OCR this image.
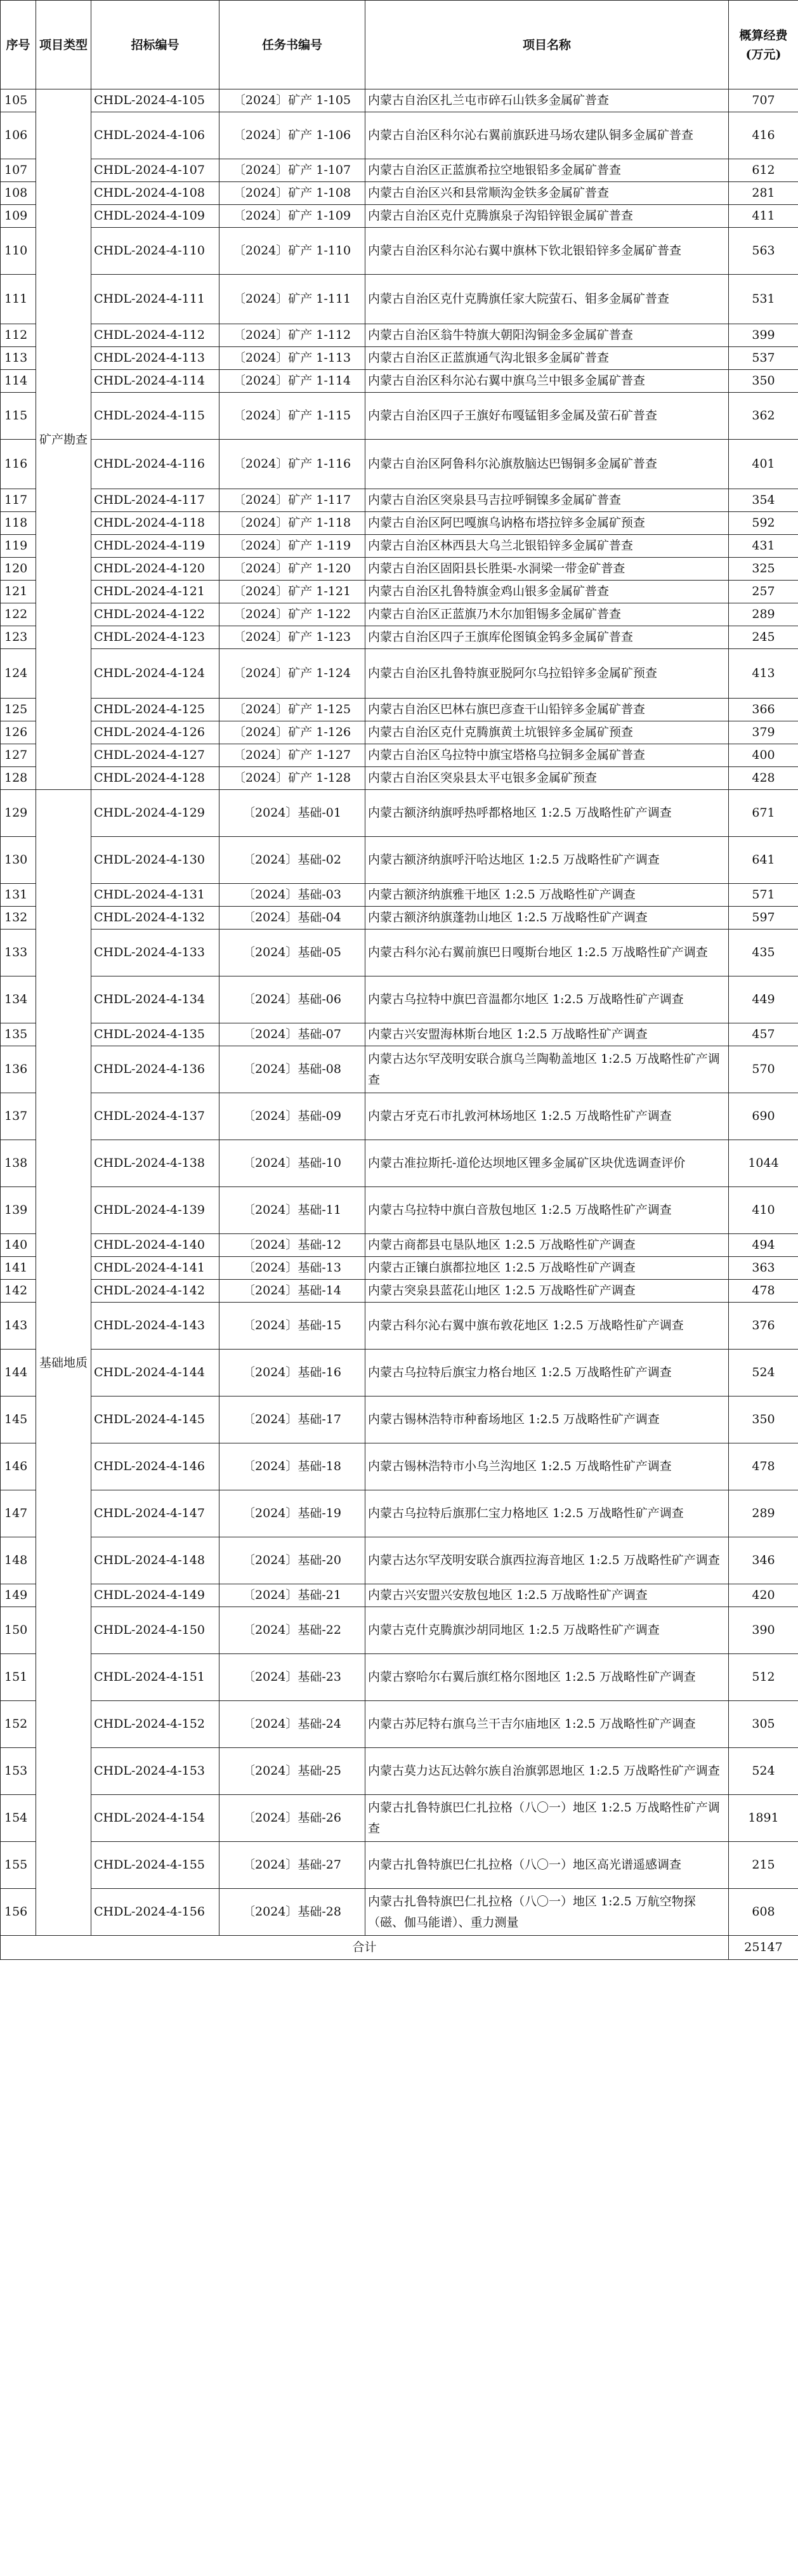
序号	项目类型	招标编号	任务书编号	项目名称	概算经费(万元)

105	矿产勘查	CHDL-2024-4-105	〔2024〕矿产 1-105	内蒙古自治区扎兰屯市碎石山铁多金属矿普查	707
106		CHDL-2024-4-106	〔2024〕矿产 1-106	内蒙古自治区科尔沁右翼前旗跃进马场农建队铜多金属矿普查	416
107		CHDL-2024-4-107	〔2024〕矿产 1-107	内蒙古自治区正蓝旗希拉空地银铅多金属矿普查	612
108		CHDL-2024-4-108	〔2024〕矿产 1-108	内蒙古自治区兴和县常顺沟金铁多金属矿普查	281
109		CHDL-2024-4-109	〔2024〕矿产 1-109	内蒙古自治区克什克腾旗泉子沟铅锌银金属矿普查	411
110		CHDL-2024-4-110	〔2024〕矿产 1-110	内蒙古自治区科尔沁右翼中旗林下钦北银铅锌多金属矿普查	563
111		CHDL-2024-4-111	〔2024〕矿产 1-111	内蒙古自治区克什克腾旗任家大院萤石、钼多金属矿普查	531
112		CHDL-2024-4-112	〔2024〕矿产 1-112	内蒙古自治区翁牛特旗大朝阳沟铜金多金属矿普查	399
113		CHDL-2024-4-113	〔2024〕矿产 1-113	内蒙古自治区正蓝旗通气沟北银多金属矿普查	537
114		CHDL-2024-4-114	〔2024〕矿产 1-114	内蒙古自治区科尔沁右翼中旗乌兰中银多金属矿普查	350
115		CHDL-2024-4-115	〔2024〕矿产 1-115	内蒙古自治区四子王旗好布嘎锰钼多金属及萤石矿普查	362
116		CHDL-2024-4-116	〔2024〕矿产 1-116	内蒙古自治区阿鲁科尔沁旗敖脑达巴锡铜多金属矿普查	401
117		CHDL-2024-4-117	〔2024〕矿产 1-117	内蒙古自治区突泉县马吉拉呼铜镍多金属矿普查	354
118		CHDL-2024-4-118	〔2024〕矿产 1-118	内蒙古自治区阿巴嘎旗乌讷格布塔拉锌多金属矿预查	592
119		CHDL-2024-4-119	〔2024〕矿产 1-119	内蒙古自治区林西县大乌兰北银铅锌多金属矿普查	431
120		CHDL-2024-4-120	〔2024〕矿产 1-120	内蒙古自治区固阳县长胜渠-水洞梁一带金矿普查	325
121		CHDL-2024-4-121	〔2024〕矿产 1-121	内蒙古自治区扎鲁特旗金鸡山银多金属矿普查	257
122		CHDL-2024-4-122	〔2024〕矿产 1-122	内蒙古自治区正蓝旗乃木尔加钼锡多金属矿普查	289
123		CHDL-2024-4-123	〔2024〕矿产 1-123	内蒙古自治区四子王旗库伦图镇金钨多金属矿普查	245
124		CHDL-2024-4-124	〔2024〕矿产 1-124	内蒙古自治区扎鲁特旗亚脱阿尔乌拉铅锌多金属矿预查	413
125		CHDL-2024-4-125	〔2024〕矿产 1-125	内蒙古自治区巴林右旗巴彦查干山铅锌多金属矿普查	366
126		CHDL-2024-4-126	〔2024〕矿产 1-126	内蒙古自治区克什克腾旗黄土坑银锌多金属矿预查	379
127		CHDL-2024-4-127	〔2024〕矿产 1-127	内蒙古自治区乌拉特中旗宝塔格乌拉铜多金属矿普查	400
128		CHDL-2024-4-128	〔2024〕矿产 1-128	内蒙古自治区突泉县太平屯银多金属矿预查	428
129	基础地质	CHDL-2024-4-129	〔2024〕基础-01	内蒙古额济纳旗呼热呼都格地区 1:2.5 万战略性矿产调查	671
130		CHDL-2024-4-130	〔2024〕基础-02	内蒙古额济纳旗呼汗哈达地区 1:2.5 万战略性矿产调查	641
131		CHDL-2024-4-131	〔2024〕基础-03	内蒙古额济纳旗雅干地区 1:2.5 万战略性矿产调查	571
132		CHDL-2024-4-132	〔2024〕基础-04	内蒙古额济纳旗蓬勃山地区 1:2.5 万战略性矿产调查	597
133		CHDL-2024-4-133	〔2024〕基础-05	内蒙古科尔沁右翼前旗巴日嘎斯台地区 1:2.5 万战略性矿产调查	435
134		CHDL-2024-4-134	〔2024〕基础-06	内蒙古乌拉特中旗巴音温都尔地区 1:2.5 万战略性矿产调查	449
135		CHDL-2024-4-135	〔2024〕基础-07	内蒙古兴安盟海林斯台地区 1:2.5 万战略性矿产调查	457
136		CHDL-2024-4-136	〔2024〕基础-08	内蒙古达尔罕茂明安联合旗乌兰陶勒盖地区 1:2.5 万战略性矿产调查	570
137		CHDL-2024-4-137	〔2024〕基础-09	内蒙古牙克石市扎敦河林场地区 1:2.5 万战略性矿产调查	690
138		CHDL-2024-4-138	〔2024〕基础-10	内蒙古准拉斯托-道伦达坝地区锂多金属矿区块优选调查评价	1044
139		CHDL-2024-4-139	〔2024〕基础-11	内蒙古乌拉特中旗白音敖包地区 1:2.5 万战略性矿产调查	410
140		CHDL-2024-4-140	〔2024〕基础-12	内蒙古商都县屯垦队地区 1:2.5 万战略性矿产调查	494
141		CHDL-2024-4-141	〔2024〕基础-13	内蒙古正镶白旗都拉地区 1:2.5 万战略性矿产调查	363
142		CHDL-2024-4-142	〔2024〕基础-14	内蒙古突泉县蓝花山地区 1:2.5 万战略性矿产调查	478
143		CHDL-2024-4-143	〔2024〕基础-15	内蒙古科尔沁右翼中旗布敦花地区 1:2.5 万战略性矿产调查	376
144		CHDL-2024-4-144	〔2024〕基础-16	内蒙古乌拉特后旗宝力格台地区 1:2.5 万战略性矿产调查	524
145		CHDL-2024-4-145	〔2024〕基础-17	内蒙古锡林浩特市种畜场地区 1:2.5 万战略性矿产调查	350
146		CHDL-2024-4-146	〔2024〕基础-18	内蒙古锡林浩特市小乌兰沟地区 1:2.5 万战略性矿产调查	478
147		CHDL-2024-4-147	〔2024〕基础-19	内蒙古乌拉特后旗那仁宝力格地区 1:2.5 万战略性矿产调查	289
148		CHDL-2024-4-148	〔2024〕基础-20	内蒙古达尔罕茂明安联合旗西拉海音地区 1:2.5 万战略性矿产调查	346
149		CHDL-2024-4-149	〔2024〕基础-21	内蒙古兴安盟兴安敖包地区 1:2.5 万战略性矿产调查	420
150		CHDL-2024-4-150	〔2024〕基础-22	内蒙古克什克腾旗沙胡同地区 1:2.5 万战略性矿产调查	390
151		CHDL-2024-4-151	〔2024〕基础-23	内蒙古察哈尔右翼后旗红格尔图地区 1:2.5 万战略性矿产调查	512
152		CHDL-2024-4-152	〔2024〕基础-24	内蒙古苏尼特右旗乌兰干吉尔庙地区 1:2.5 万战略性矿产调查	305
153		CHDL-2024-4-153	〔2024〕基础-25	内蒙古莫力达瓦达斡尔族自治旗郭恩地区 1:2.5 万战略性矿产调查	524
154		CHDL-2024-4-154	〔2024〕基础-26	内蒙古扎鲁特旗巴仁扎拉格（八〇一）地区 1:2.5 万战略性矿产调查	1891
155		CHDL-2024-4-155	〔2024〕基础-27	内蒙古扎鲁特旗巴仁扎拉格（八〇一）地区高光谱遥感调查	215
156		CHDL-2024-4-156	〔2024〕基础-28	内蒙古扎鲁特旗巴仁扎拉格（八〇一）地区 1:2.5 万航空物探（磁、伽马能谱）、重力测量	608
合计					25147
